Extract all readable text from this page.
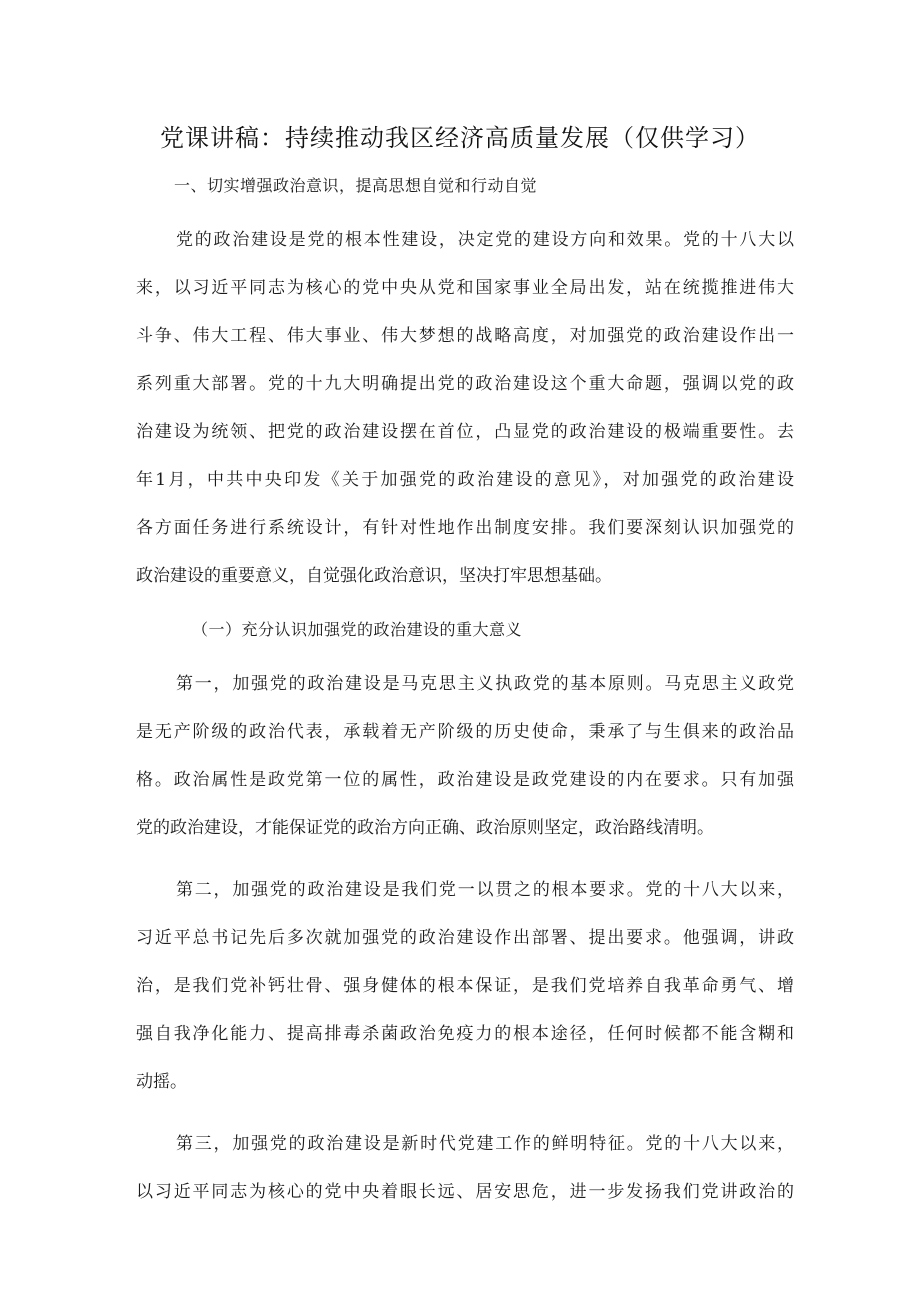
党课讲稿：持续推动我区经济高质量发展（仅供学习）
一、切实增强政治意识，提高思想自觉和行动自觉
党的政治建设是党的根本性建设，决定党的建设方向和效果。党的十八大以
来，以习近平同志为核心的党中央从党和国家事业全局出发，站在统揽推进伟大
斗争、伟大工程、伟大事业、伟大梦想的战略高度，对加强党的政治建设作出一
系列重大部署。党的十九大明确提出党的政治建设这个重大命题，强调以党的政
治建设为统领、把党的政治建设摆在首位，凸显党的政治建设的极端重要性。去
年1月，中共中央印发《关于加强党的政治建设的意见》，对加强党的政治建设
各方面任务进行系统设计，有针对性地作出制度安排。我们要深刻认识加强党的
政治建设的重要意义，自觉强化政治意识，坚决打牢思想基础。
（一）充分认识加强党的政治建设的重大意义
第一，加强党的政治建设是马克思主义执政党的基本原则。马克思主义政党
是无产阶级的政治代表，承载着无产阶级的历史使命，秉承了与生俱来的政治品
格。政治属性是政党第一位的属性，政治建设是政党建设的内在要求。只有加强
党的政治建设，才能保证党的政治方向正确、政治原则坚定，政治路线清明。
第二，加强党的政治建设是我们党一以贯之的根本要求。党的十八大以来，
习近平总书记先后多次就加强党的政治建设作出部署、提出要求。他强调，讲政
治，是我们党补钙壮骨、强身健体的根本保证，是我们党培养自我革命勇气、增
强自我净化能力、提高排毒杀菌政治免疫力的根本途径，任何时候都不能含糊和
动摇。
第三，加强党的政治建设是新时代党建工作的鲜明特征。党的十八大以来，
以习近平同志为核心的党中央着眼长远、居安思危，进一步发扬我们党讲政治的
